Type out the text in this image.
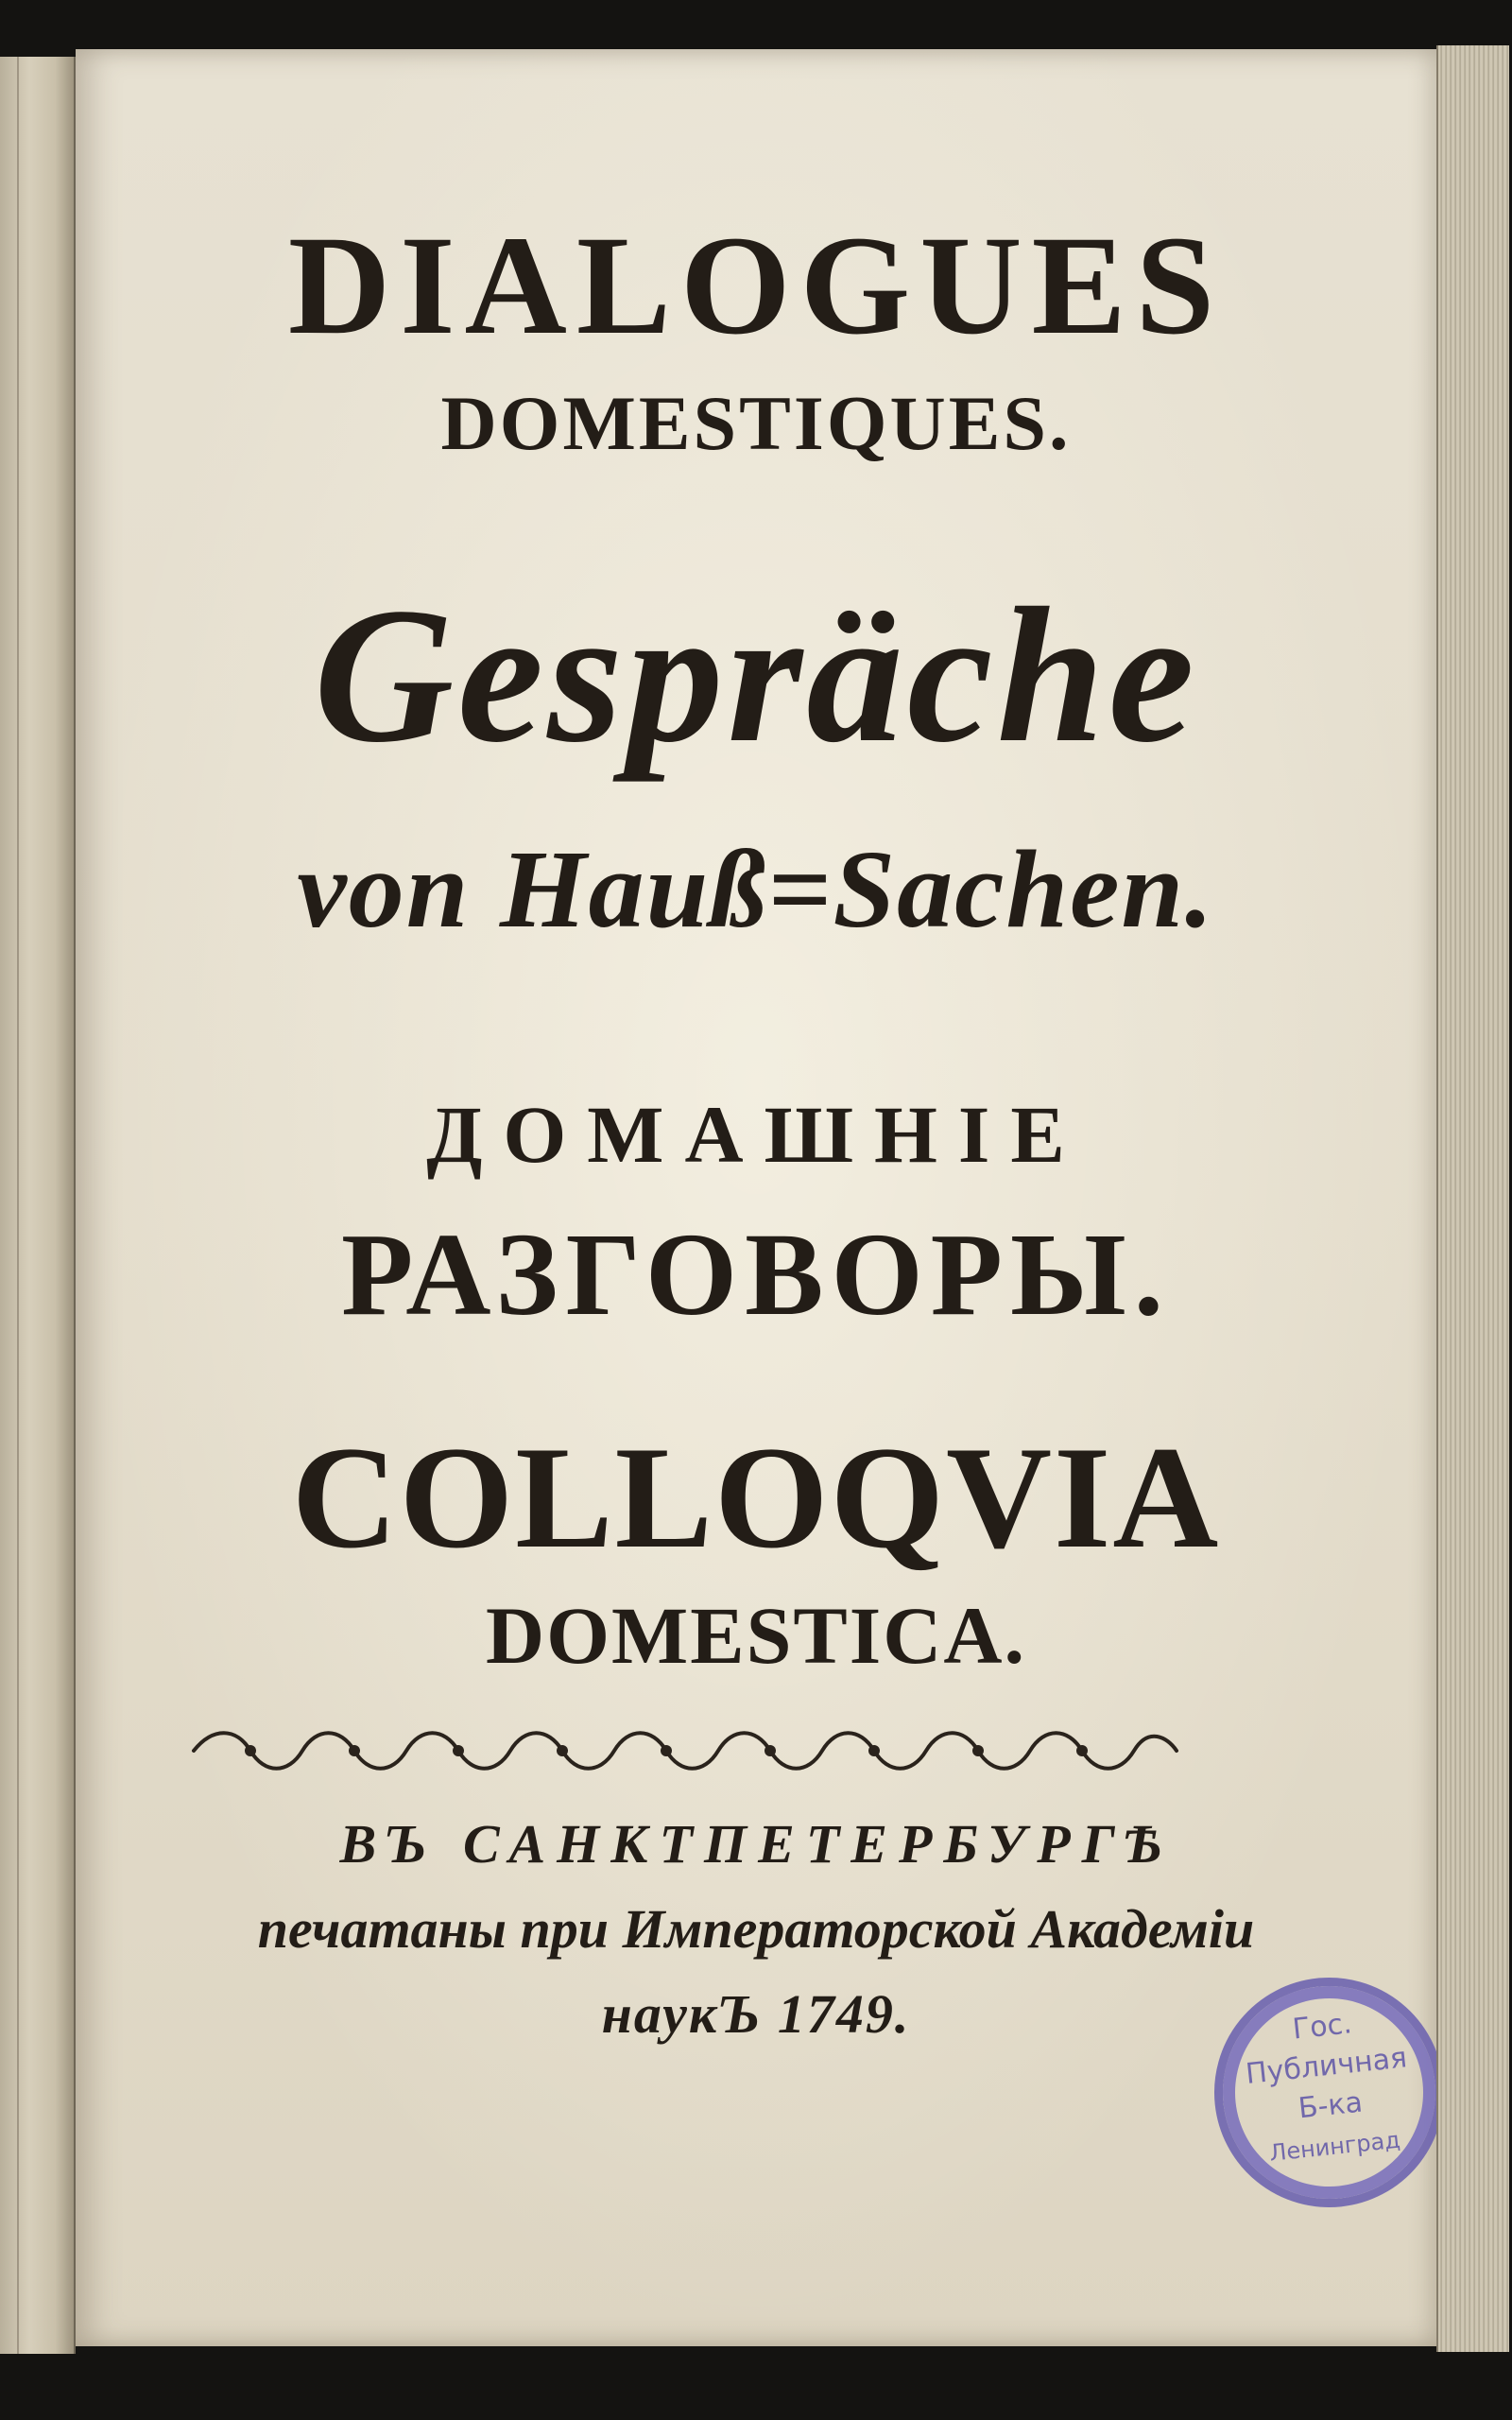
DIALOGUES
DOMESTIQUES.
Gespräche
von Hauß=Sachen.
ДОМАШНІЕ
РАЗГОВОРЫ.
COLLOQVIA
DOMESTICA.
ВЪ САНКТПЕТЕРБУРГѢ
печатаны при Императорской Академіи
наукЪ 1749.	Гос.
Публичная
Б-ка
Ленинград
